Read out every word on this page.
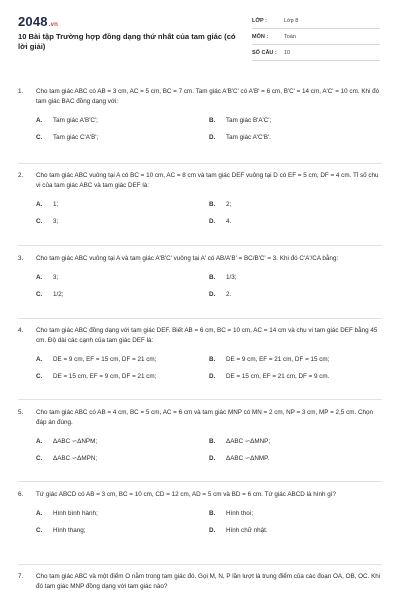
2048.vn
10 Bài tập Trường hợp đồng dạng thứ nhất của tam giác (có lời giải)
LỚP :	Lớp 8
MÔN :	Toán
SỐ CÂU :	10
1.	Cho tam giác ABC có AB = 3 cm, AC = 5 cm, BC = 7 cm. Tam giác A'B'C' có A'B' = 6 cm, B'C' = 14 cm, A'C' = 10 cm. Khi đó tam giác BAC đồng dạng với:
A.	Tam giác A'B'C';	B.	Tam giác B'A'C';
C.	Tam giác C'A'B';	D.	Tam giác A'C'B'.
2.	Cho tam giác ABC vuông tại A có BC = 10 cm, AC = 8 cm và tam giác DEF vuông tại D có EF = 5 cm, DF = 4 cm. Tỉ số chu vi của tam giác ABC và tam giác DEF là:
A.	1;	B.	2;
C.	3;	D.	4.
3.	Cho tam giác ABC vuông tại A và tam giác A'B'C' vuông tại A' có AB/A'B' = BC/B'C' = 3. Khi đó C'A'/CA bằng:
A.	3;	B.	1/3;
C.	1/2;	D.	2.
4.	Cho tam giác ABC đồng dạng với tam giác DEF. Biết AB = 6 cm, BC = 10 cm, AC = 14 cm và chu vi tam giác DEF bằng 45 cm. Độ dài các cạnh của tam giác DEF là:
A.	DE = 9 cm, EF = 15 cm, DF = 21 cm;	B.	DE = 9 cm, EF = 21 cm, DF = 15 cm;
C.	DE = 15 cm, EF = 9 cm, DF = 21 cm;	D.	DE = 15 cm, EF = 21 cm, DF = 9 cm.
5.	Cho tam giác ABC có AB = 4 cm, BC = 5 cm, AC = 6 cm và tam giác MNP có MN = 2 cm, NP = 3 cm, MP = 2,5 cm. Chọn đáp án đúng.
A.	ΔABC ∽ΔNPM;	B.	ΔABC ∽ΔMNP;
C.	ΔABC ∽ΔMPN;	D.	ΔABC ∽ΔNMP.
6.	Tứ giác ABCD có AB = 3 cm, BC = 10 cm, CD = 12 cm, AD = 5 cm và BD = 6 cm. Tứ giác ABCD là hình gì?
A.	Hình bình hành;	B.	Hình thoi;
C.	Hình thang;	D.	Hình chữ nhật.
7.	Cho tam giác ABC và một điểm O nằm trong tam giác đó. Gọi M, N, P lần lượt là trung điểm của các đoạn OA, OB, OC. Khi đó tam giác MNP đồng dạng với tam giác nào?
